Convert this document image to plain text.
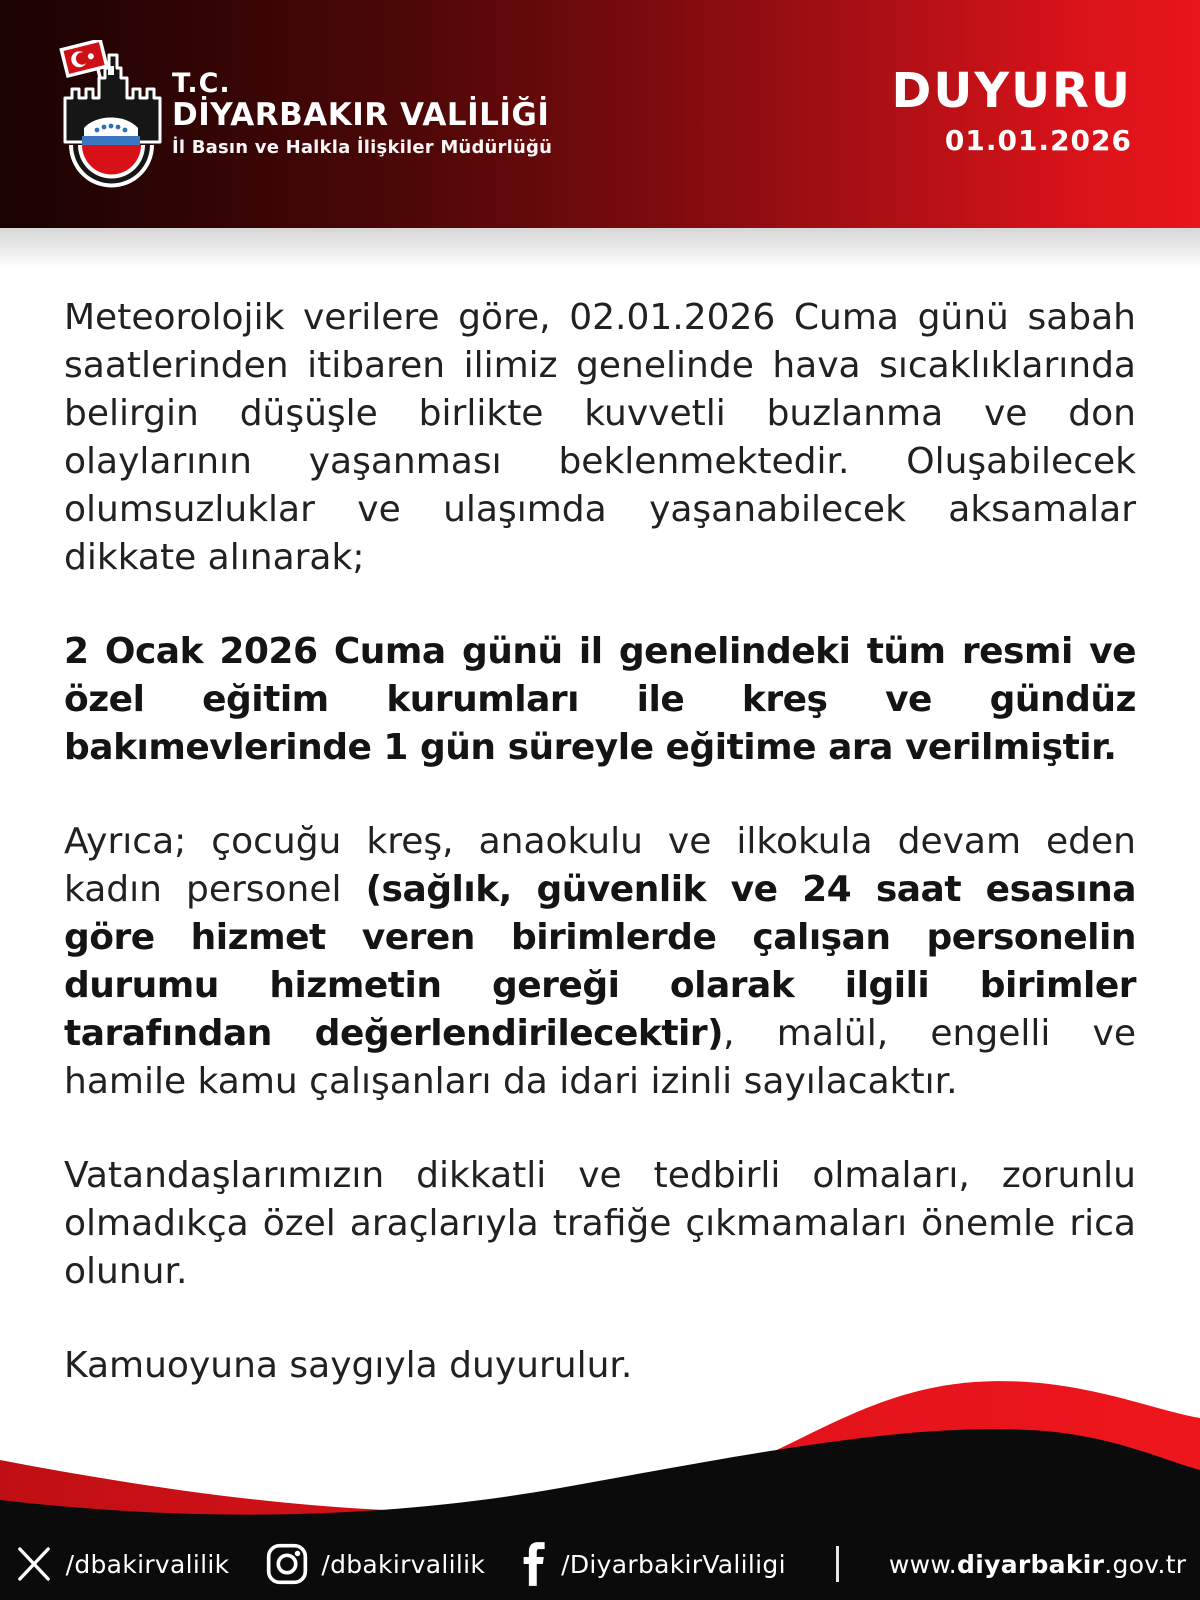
T.C.
DİYARBAKIR VALİLİĞİ
İl Basın ve Halkla İlişkiler Müdürlüğü
DUYURU
01.01.2026

Meteorolojik verilere göre, 02.01.2026 Cuma günü sabah saatlerinden itibaren ilimiz genelinde hava sıcaklıklarında belirgin düşüşle birlikte kuvvetli buzlanma ve don olaylarının yaşanması beklenmektedir. Oluşabilecek olumsuzluklar ve ulaşımda yaşanabilecek aksamalar dikkate alınarak;

2 Ocak 2026 Cuma günü il genelindeki tüm resmi ve özel eğitim kurumları ile kreş ve gündüz bakımevlerinde 1 gün süreyle eğitime ara verilmiştir.

Ayrıca; çocuğu kreş, anaokulu ve ilkokula devam eden kadın personel (sağlık, güvenlik ve 24 saat esasına göre hizmet veren birimlerde çalışan personelin durumu hizmetin gereği olarak ilgili birimler tarafından değerlendirilecektir), malül, engelli ve hamile kamu çalışanları da idari izinli sayılacaktır.

Vatandaşlarımızın dikkatli ve tedbirli olmaları, zorunlu olmadıkça özel araçlarıyla trafiğe çıkmamaları önemle rica olunur.

Kamuoyuna saygıyla duyurulur.

/dbakirvalilik	/dbakirvalilik	/DiyarbakirValiligi	www.diyarbakir.gov.tr
